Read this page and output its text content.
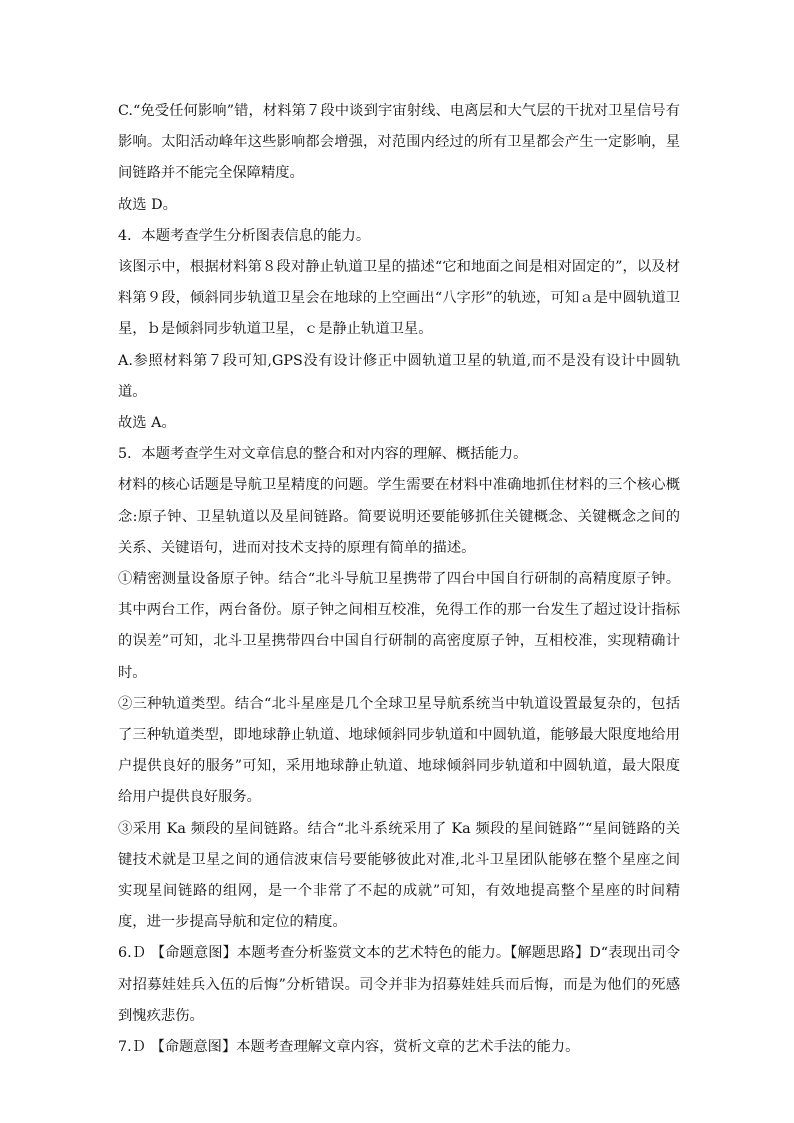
C.“免受任何影响”错，材料第７段中谈到宇宙射线、电离层和大气层的干扰对卫星信号有影响。太阳活动峰年这些影响都会增强，对范围内经过的所有卫星都会产生一定影响，星间链路并不能完全保障精度。

故选 D。

4．本题考查学生分析图表信息的能力。

该图示中，根据材料第８段对静止轨道卫星的描述“它和地面之间是相对固定的”，以及材料第９段，倾斜同步轨道卫星会在地球的上空画出“八字形”的轨迹，可知ａ是中圆轨道卫星，ｂ是倾斜同步轨道卫星，ｃ是静止轨道卫星。

A.参照材料第７段可知,GPS没有设计修正中圆轨道卫星的轨道,而不是没有设计中圆轨道。

故选 A。

5．本题考查学生对文章信息的整合和对内容的理解、概括能力。

材料的核心话题是导航卫星精度的问题。学生需要在材料中准确地抓住材料的三个核心概念:原子钟、卫星轨道以及星间链路。简要说明还要能够抓住关键概念、关键概念之间的关系、关键语句，进而对技术支持的原理有简单的描述。

①精密测量设备原子钟。结合“北斗导航卫星携带了四台中国自行研制的高精度原子钟。其中两台工作，两台备份。原子钟之间相互校准，免得工作的那一台发生了超过设计指标的误差”可知，北斗卫星携带四台中国自行研制的高密度原子钟，互相校准，实现精确计时。

②三种轨道类型。结合“北斗星座是几个全球卫星导航系统当中轨道设置最复杂的，包括了三种轨道类型，即地球静止轨道、地球倾斜同步轨道和中圆轨道，能够最大限度地给用户提供良好的服务”可知，采用地球静止轨道、地球倾斜同步轨道和中圆轨道，最大限度给用户提供良好服务。

③采用 Ka 频段的星间链路。结合“北斗系统采用了 Ka 频段的星间链路”“星间链路的关键技术就是卫星之间的通信波束信号要能够彼此对准,北斗卫星团队能够在整个星座之间实现星间链路的组网，是一个非常了不起的成就”可知，有效地提高整个星座的时间精度，进一步提高导航和定位的精度。

6.Ｄ 【命题意图】本题考查分析鉴赏文本的艺术特色的能力。【解题思路】D“表现出司令对招募娃娃兵入伍的后悔”分析错误。司令并非为招募娃娃兵而后悔，而是为他们的死感到愧疚悲伤。

7.Ｄ 【命题意图】本题考查理解文章内容，赏析文章的艺术手法的能力。
